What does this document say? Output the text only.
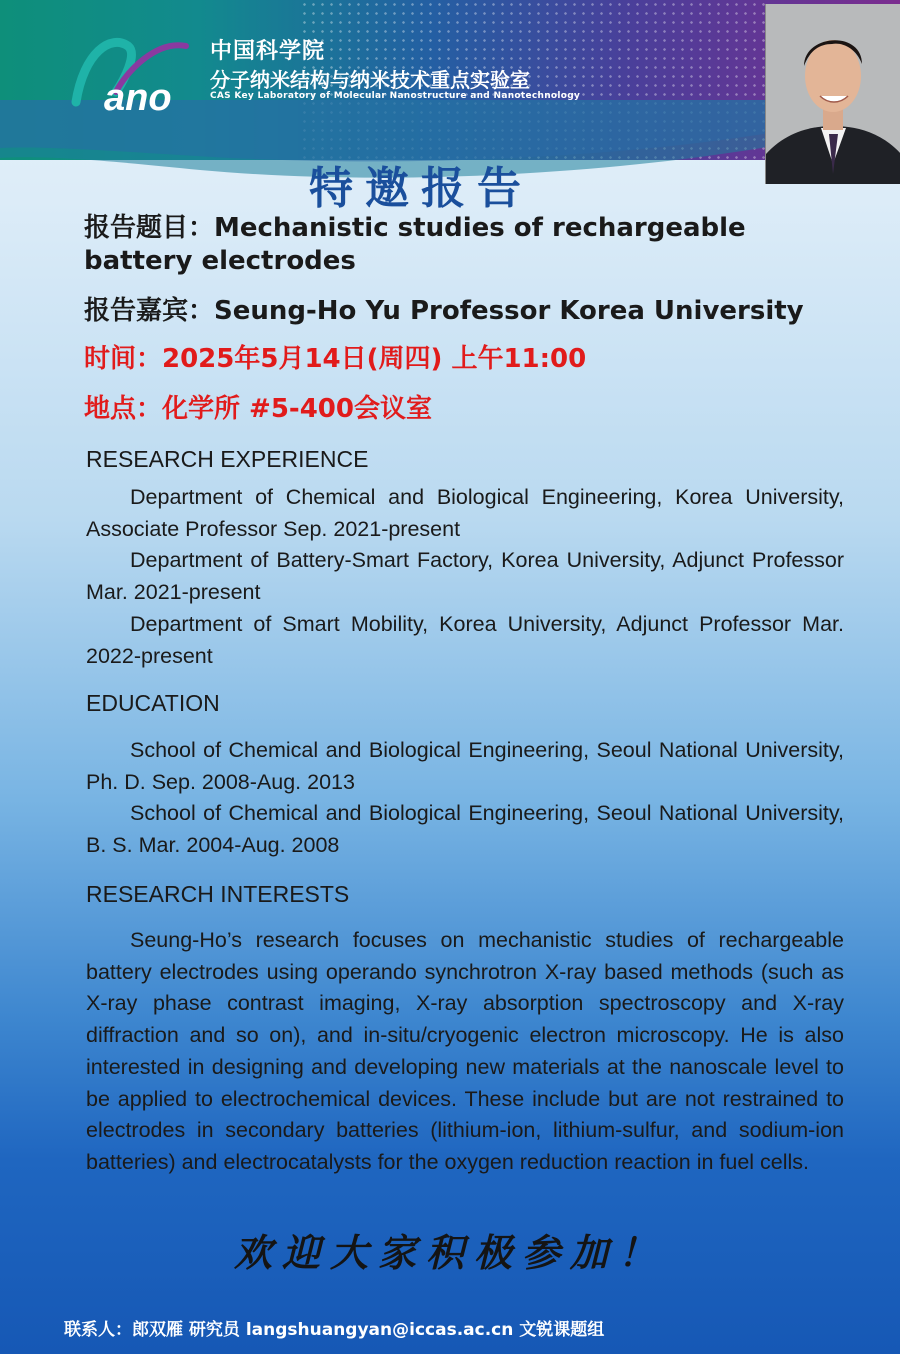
ano
中国科学院
分子纳米结构与纳米技术重点实验室
CAS Key Laboratory of Molecular Nanostructure and Nanotechnology
特邀报告
报告题目：Mechanistic studies of rechargeable battery electrodes
报告嘉宾：Seung-Ho Yu Professor Korea University
时间：2025年5月14日(周四) 上午11:00
地点：化学所 #5-400会议室
RESEARCH EXPERIENCE

Department of Chemical and Biological Engineering, Korea University, Associate Professor Sep. 2021-present

Department of Battery-Smart Factory, Korea University, Adjunct Professor Mar. 2021-present

Department of Smart Mobility, Korea University, Adjunct Professor Mar. 2022-present

EDUCATION

School of Chemical and Biological Engineering, Seoul National University, Ph. D. Sep. 2008-Aug. 2013

School of Chemical and Biological Engineering, Seoul National University, B. S. Mar. 2004-Aug. 2008

RESEARCH INTERESTS

Seung-Ho’s research focuses on mechanistic studies of rechargeable battery electrodes using operando synchrotron X-ray based methods (such as X-ray phase contrast imaging, X-ray absorption spectroscopy and X-ray diffraction and so on), and in-situ/cryogenic electron microscopy. He is also interested in designing and developing new materials at the nanoscale level to be applied to electrochemical devices. These include but are not restrained to electrodes in secondary batteries (lithium-ion, lithium-sulfur, and sodium-ion batteries) and electrocatalysts for the oxygen reduction reaction in fuel cells.

欢迎大家积极参加！
联系人：郎双雁 研究员 langshuangyan@iccas.ac.cn 文锐课题组
